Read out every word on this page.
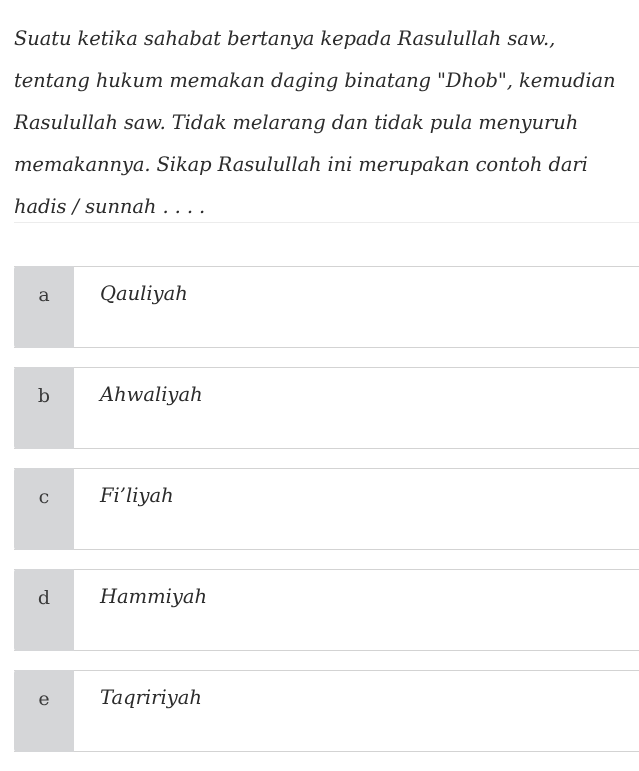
Suatu ketika sahabat bertanya kepada Rasulullah saw., tentang hukum memakan daging binatang "Dhob", kemudian Rasulullah saw. Tidak melarang dan tidak pula menyuruh memakannya. Sikap Rasulullah ini merupakan contoh dari hadis / sunnah . . . .
a	Qauliyah
b	Ahwaliyah
c	Fi’liyah
d	Hammiyah
e	Taqririyah
